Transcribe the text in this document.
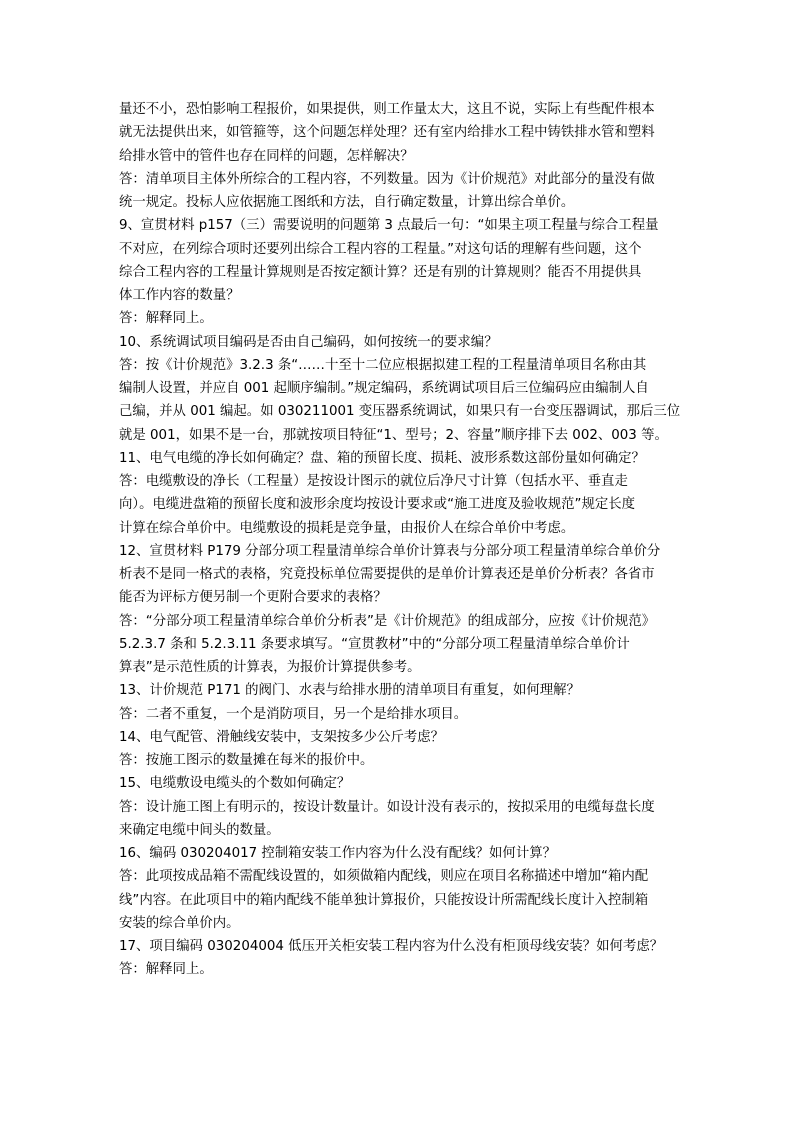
量还不小，恐怕影响工程报价，如果提供，则工作量太大，这且不说，实际上有些配件根本
就无法提供出来，如管箍等，这个问题怎样处理？还有室内给排水工程中铸铁排水管和塑料
给排水管中的管件也存在同样的问题，怎样解决？
答：清单项目主体外所综合的工程内容，不列数量。因为《计价规范》对此部分的量没有做
统一规定。投标人应依据施工图纸和方法，自行确定数量，计算出综合单价。
9、宣贯材料 p157（三）需要说明的问题第 3 点最后一句：“如果主项工程量与综合工程量
不对应，在列综合项时还要列出综合工程内容的工程量。”对这句话的理解有些问题，这个
综合工程内容的工程量计算规则是否按定额计算？还是有别的计算规则？能否不用提供具
体工作内容的数量？
答：解释同上。
10、系统调试项目编码是否由自己编码，如何按统一的要求编？
答：按《计价规范》3.2.3 条“……十至十二位应根据拟建工程的工程量清单项目名称由其
编制人设置，并应自 001 起顺序编制。”规定编码，系统调试项目后三位编码应由编制人自
己编，并从 001 编起。如 030211001 变压器系统调试，如果只有一台变压器调试，那后三位
就是 001，如果不是一台，那就按项目特征“1、型号；2、容量”顺序排下去 002、003 等。
11、电气电缆的净长如何确定？盘、箱的预留长度、损耗、波形系数这部份量如何确定？
答：电缆敷设的净长（工程量）是按设计图示的就位后净尺寸计算（包括水平、垂直走
向）。电缆进盘箱的预留长度和波形余度均按设计要求或“施工进度及验收规范”规定长度
计算在综合单价中。电缆敷设的损耗是竞争量，由报价人在综合单价中考虑。
12、宣贯材料 P179 分部分项工程量清单综合单价计算表与分部分项工程量清单综合单价分
析表不是同一格式的表格，究竟投标单位需要提供的是单价计算表还是单价分析表？各省市
能否为评标方便另制一个更附合要求的表格？
答：“分部分项工程量清单综合单价分析表”是《计价规范》的组成部分，应按《计价规范》
5.2.3.7 条和 5.2.3.11 条要求填写。“宣贯教材”中的“分部分项工程量清单综合单价计
算表”是示范性质的计算表，为报价计算提供参考。
13、计价规范 P171 的阀门、水表与给排水册的清单项目有重复，如何理解？
答：二者不重复，一个是消防项目，另一个是给排水项目。
14、电气配管、滑触线安装中，支架按多少公斤考虑？
答：按施工图示的数量摊在每米的报价中。
15、电缆敷设电缆头的个数如何确定？
答：设计施工图上有明示的，按设计数量计。如设计没有表示的，按拟采用的电缆每盘长度
来确定电缆中间头的数量。
16、编码 030204017 控制箱安装工作内容为什么没有配线？如何计算？
答：此项按成品箱不需配线设置的，如须做箱内配线，则应在项目名称描述中增加“箱内配
线”内容。在此项目中的箱内配线不能单独计算报价，只能按设计所需配线长度计入控制箱
安装的综合单价内。
17、项目编码 030204004 低压开关柜安装工程内容为什么没有柜顶母线安装？如何考虑？
答：解释同上。
